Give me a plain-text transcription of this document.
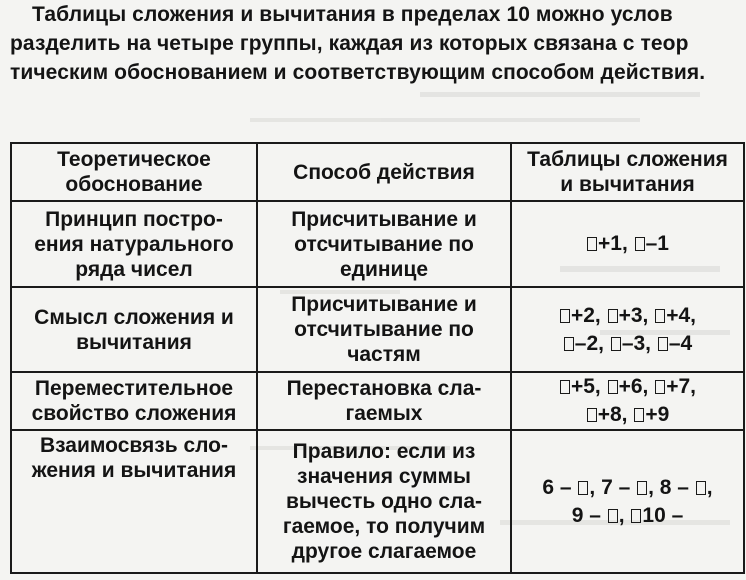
Таблицы сложения и вычитания в пределах 10 можно услов
разделить на четыре группы, каждая из которых связана с теор
тическим обоснованием и соответствующим способом действия.
Теоретическое
обоснование	Способ действия	Таблицы сложения
и вычитания

Принцип постро-
ения натурального
ряда чисел	Присчитывание и
отсчитывание по
единице	+1, –1

Смысл сложения и
вычитания	Присчитывание и
отсчитывание по
частям	+2, +3, +4,
–2, –3, –4

Переместительное
свойство сложения	Перестановка сла-
гаемых	+5, +6, +7,
+8, +9

Взаимосвязь сло-
жения и вычитания	Правило: если из
значения суммы
вычесть одно сла-
гаемое, то получим
другое слагаемое	6 – , 7 – , 8 – ,
9 – , 10 –
